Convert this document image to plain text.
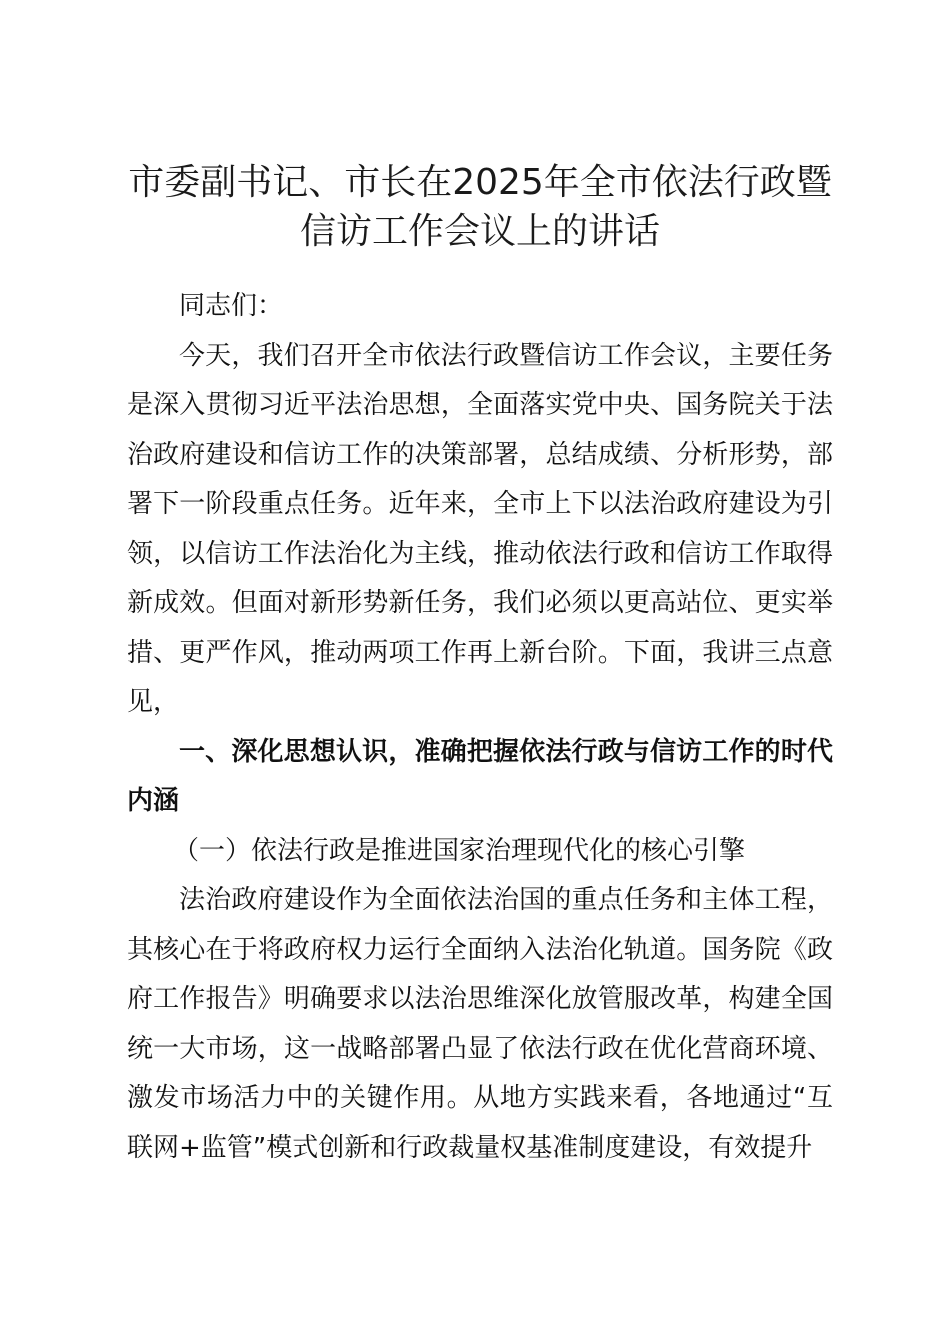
市委副书记、市长在2025年全市依法行政暨
信访工作会议上的讲话

同志们：

今天，我们召开全市依法行政暨信访工作会议，主要任务是深入贯彻习近平法治思想，全面落实党中央、国务院关于法治政府建设和信访工作的决策部署，总结成绩、分析形势，部署下一阶段重点任务。近年来，全市上下以法治政府建设为引领，以信访工作法治化为主线，推动依法行政和信访工作取得新成效。但面对新形势新任务，我们必须以更高站位、更实举措、更严作风，推动两项工作再上新台阶。下面，我讲三点意见，

一、深化思想认识，准确把握依法行政与信访工作的时代内涵

（一）依法行政是推进国家治理现代化的核心引擎

法治政府建设作为全面依法治国的重点任务和主体工程，其核心在于将政府权力运行全面纳入法治化轨道。国务院《政府工作报告》明确要求以法治思维深化放管服改革，构建全国统一大市场，这一战略部署凸显了依法行政在优化营商环境、激发市场活力中的关键作用。从地方实践来看，各地通过“互联网+监管”模式创新和行政裁量权基准制度建设，有效提升
